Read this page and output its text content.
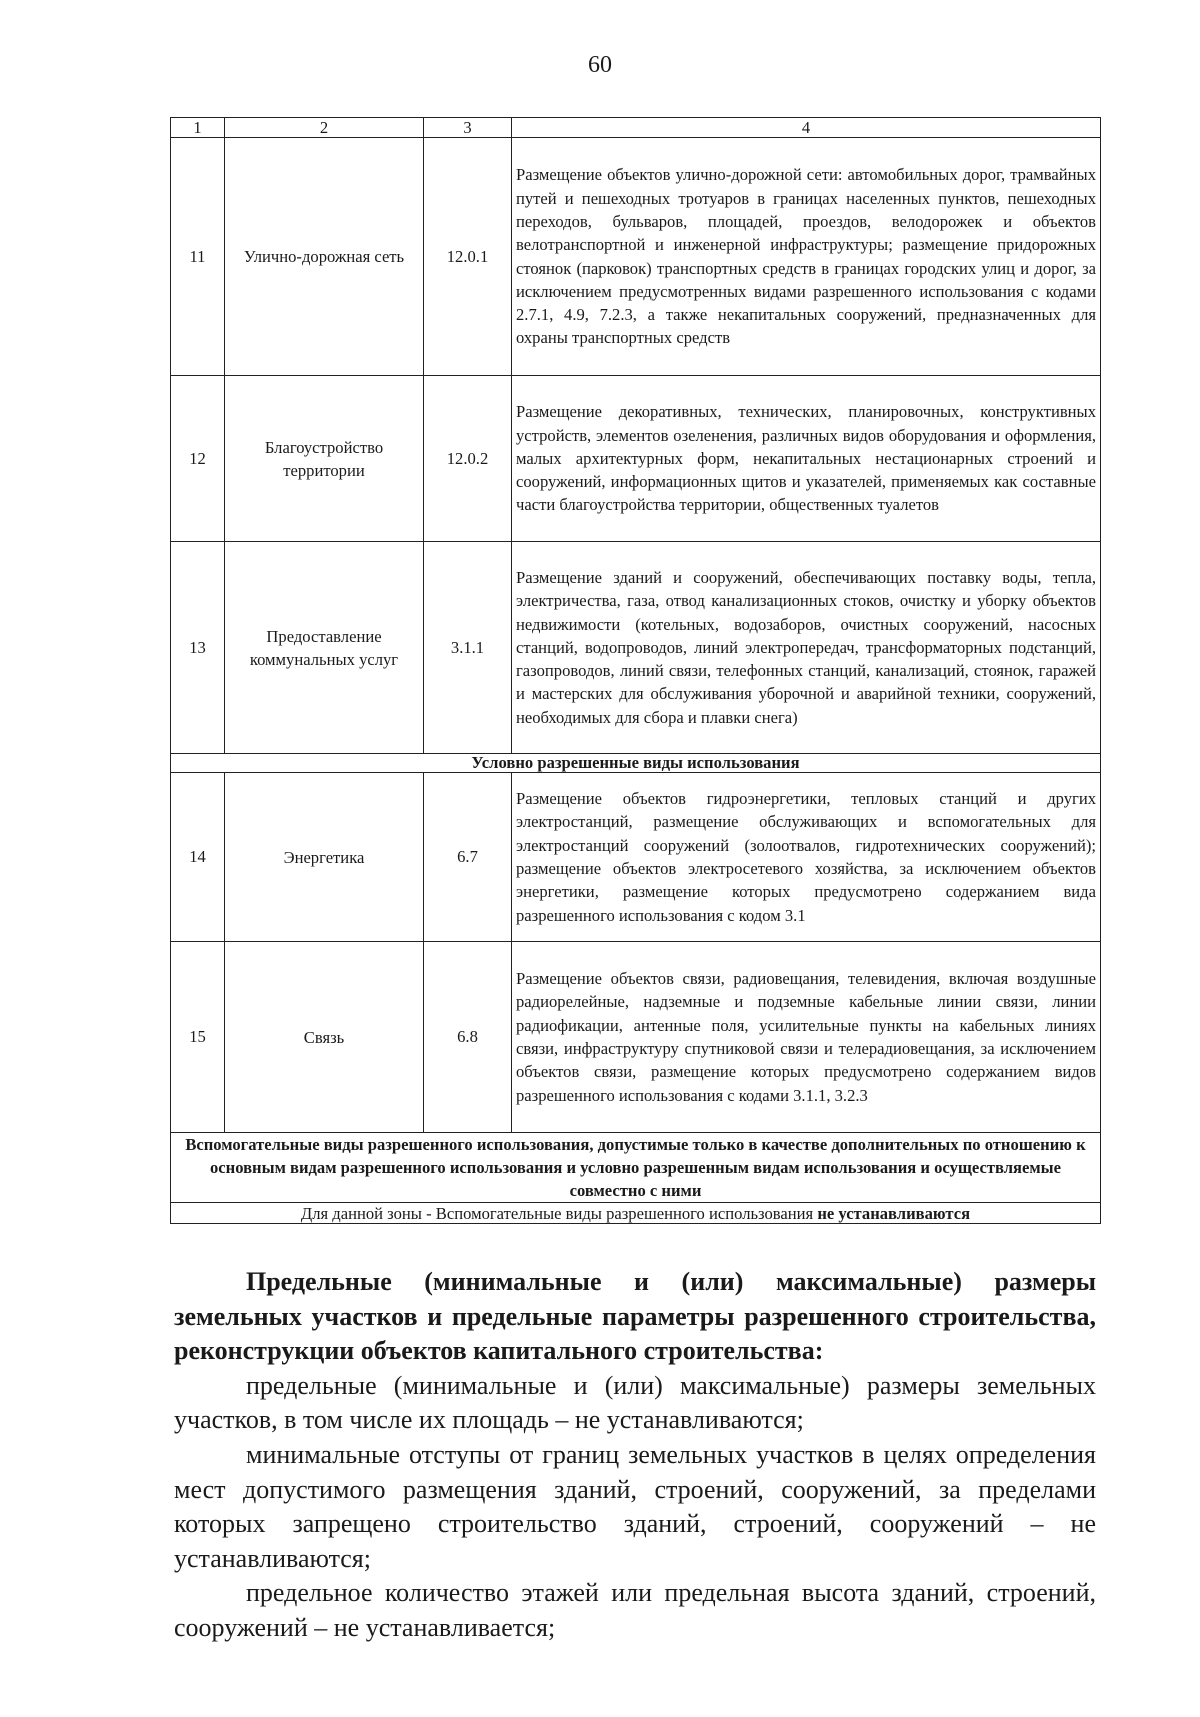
60
1	2	3	4
11	Улично-дорожная сеть	12.0.1	Размещение объектов улично-дорожной сети: автомобильных дорог, трамвайных путей и пешеходных тротуаров в границах населенных пунктов, пешеходных переходов, бульваров, площадей, проездов, велодорожек и объектов велотранспортной и инженерной инфраструктуры; размещение придорожных стоянок (парковок) транспортных средств в границах городских улиц и дорог, за исключением предусмотренных видами разрешенного использования с кодами 2.7.1, 4.9, 7.2.3, а также некапитальных сооружений, предназначенных для охраны транспортных средств
12	Благоустройство территории	12.0.2	Размещение декоративных, технических, планировочных, конструктивных устройств, элементов озеленения, различных видов оборудования и оформления, малых архитектурных форм, некапитальных нестационарных строений и сооружений, информационных щитов и указателей, применяемых как составные части благоустройства территории, общественных туалетов
13	Предоставление коммунальных услуг	3.1.1	Размещение зданий и сооружений, обеспечивающих поставку воды, тепла, электричества, газа, отвод канализационных стоков, очистку и уборку объектов недвижимости (котельных, водозаборов, очистных сооружений, насосных станций, водопроводов, линий электропередач, трансформаторных подстанций, газопроводов, линий связи, телефонных станций, канализаций, стоянок, гаражей и мастерских для обслуживания уборочной и аварийной техники, сооружений, необходимых для сбора и плавки снега)
Условно разрешенные виды использования			
14	Энергетика	6.7	Размещение объектов гидроэнергетики, тепловых станций и других электростанций, размещение обслуживающих и вспомогательных для электростанций сооружений (золоотвалов, гидротехнических сооружений); размещение объектов электросетевого хозяйства, за исключением объектов энергетики, размещение которых предусмотрено содержанием вида разрешенного использования с кодом 3.1
15	Связь	6.8	Размещение объектов связи, радиовещания, телевидения, включая воздушные радиорелейные, надземные и подземные кабельные линии связи, линии радиофикации, антенные поля, усилительные пункты на кабельных линиях связи, инфраструктуру спутниковой связи и телерадиовещания, за исключением объектов связи, размещение которых предусмотрено содержанием видов разрешенного использования с кодами 3.1.1, 3.2.3
Вспомогательные виды разрешенного использования, допустимые только в качестве дополнительных по отношению к основным видам разрешенного использования и условно разрешенным видам использования и осуществляемые совместно с ними			
Для данной зоны - Вспомогательные виды разрешенного использования не устанавливаются			

Предельные (минимальные и (или) максимальные) размеры земельных участков и предельные параметры разрешенного строительства, реконструкции объектов капитального строительства:

предельные (минимальные и (или) максимальные) размеры земельных участков, в том числе их площадь – не устанавливаются;

минимальные отступы от границ земельных участков в целях определения мест допустимого размещения зданий, строений, сооружений, за пределами которых запрещено строительство зданий, строений, сооружений – не устанавливаются;

предельное количество этажей или предельная высота зданий, строений, сооружений – не устанавливается;
